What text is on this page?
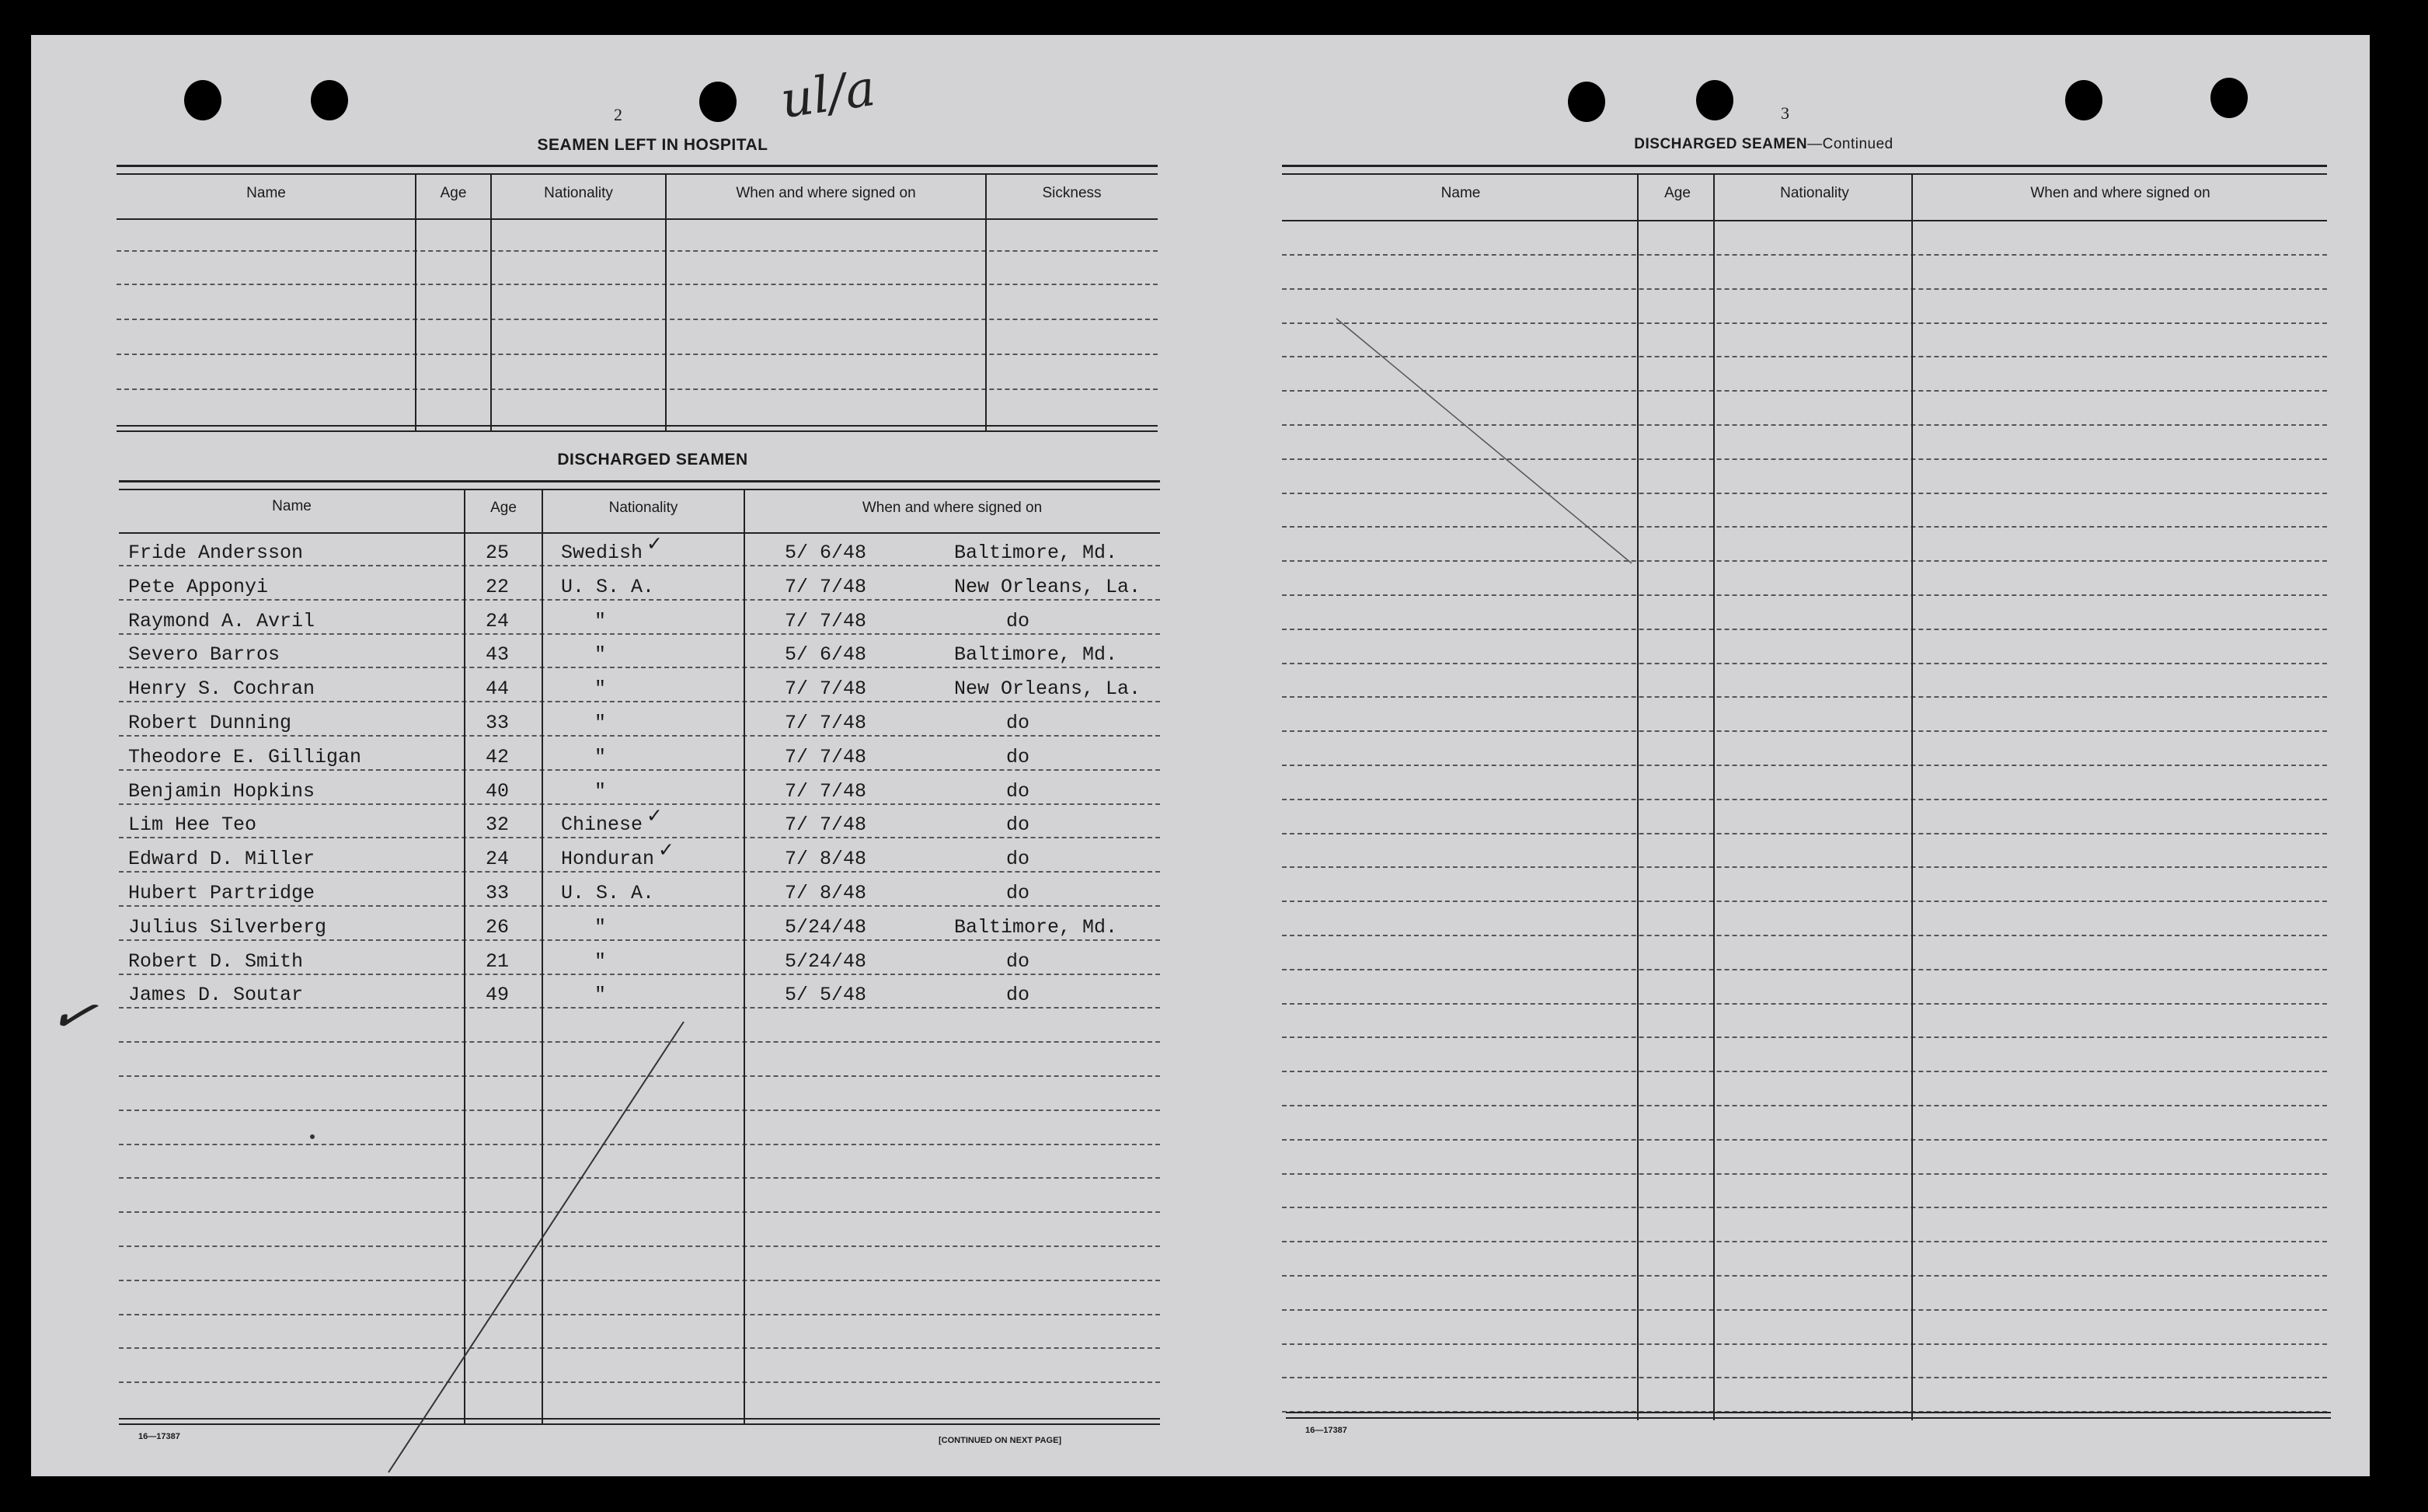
ul/a
✓
2
SEAMEN LEFT IN HOSPITAL
Name	Age	Nationality	When and where signed on	Sickness
DISCHARGED SEAMEN
Name	Age	Nationality	When and where signed on
Fride Andersson	25	Swedish ✓	5/ 6/48	Baltimore, Md.
Pete Apponyi	22	U. S. A.	7/ 7/48	New Orleans, La.
Raymond A. Avril	24	"	7/ 7/48	do
Severo Barros	43	"	5/ 6/48	Baltimore, Md.
Henry S. Cochran	44	"	7/ 7/48	New Orleans, La.
Robert Dunning	33	"	7/ 7/48	do
Theodore E. Gilligan	42	"	7/ 7/48	do
Benjamin Hopkins	40	"	7/ 7/48	do
Lim Hee Teo	32	Chinese ✓	7/ 7/48	do
Edward D. Miller	24	Honduran ✓	7/ 8/48	do
Hubert Partridge	33	U. S. A.	7/ 8/48	do
Julius Silverberg	26	"	5/24/48	Baltimore, Md.
Robert D. Smith	21	"	5/24/48	do
James D. Soutar	49	"	5/ 5/48	do
16—17387	[CONTINUED ON NEXT PAGE]
3
DISCHARGED SEAMEN—Continued
Name	Age	Nationality	When and where signed on
16—17387
